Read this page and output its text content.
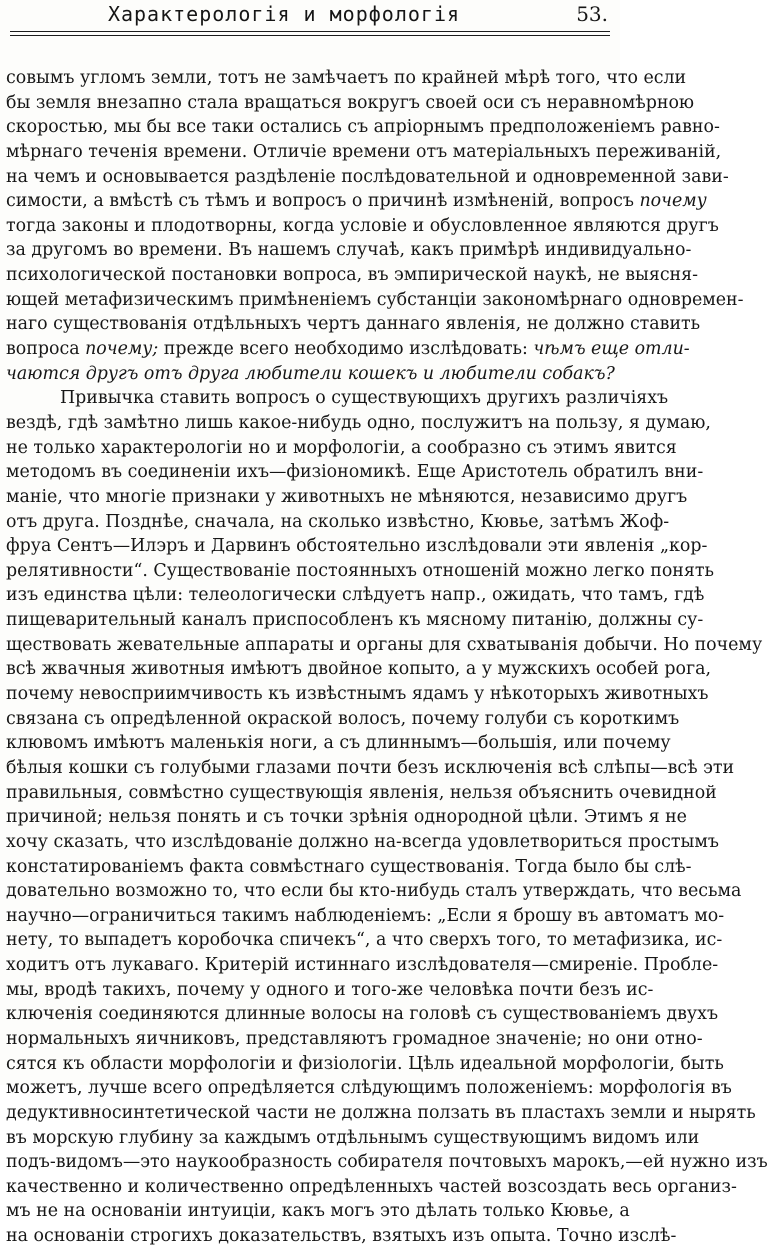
Характерологія и морфологія	53.
совымъ угломъ земли, тотъ не замѣчаетъ по крайней мѣрѣ того, что если
бы земля внезапно стала вращаться вокругъ своей оси съ неравномѣрною
скоростью, мы бы все таки остались съ апріорнымъ предположеніемъ равно-
мѣрнаго теченія времени. Отличіе времени отъ матеріальныхъ переживаній,
на чемъ и основывается раздѣленіе послѣдовательной и одновременной зави-
симости, а вмѣстѣ съ тѣмъ и вопросъ о причинѣ измѣненій, вопросъ почему
тогда законы и плодотворны, когда условіе и обусловленное являются другъ
за другомъ во времени. Въ нашемъ случаѣ, какъ примѣрѣ индивидуально-
психологической постановки вопроса, въ эмпирической наукѣ, не выясня-
ющей метафизическимъ примѣненіемъ субстанціи закономѣрнаго одновремен-
наго существованія отдѣльныхъ чертъ даннаго явленія, не должно ставить
вопроса почему; прежде всего необходимо изслѣдовать: чѣмъ еще отли-
чаются другъ отъ друга любители кошекъ и любители собакъ?
Привычка ставить вопросъ о существующихъ другихъ различіяхъ
вездѣ, гдѣ замѣтно лишь какое-нибудь одно, послужитъ на пользу, я думаю,
не только характерологіи но и морфологіи, а сообразно съ этимъ явится
методомъ въ соединеніи ихъ—физіономикѣ. Еще Аристотель обратилъ вни-
маніе, что многіе признаки у животныхъ не мѣняются, независимо другъ
отъ друга. Позднѣе, сначала, на сколько извѣстно, Кювье, затѣмъ Жоф-
фруа Сентъ—Илэръ и Дарвинъ обстоятельно изслѣдовали эти явленія „кор-
релятивности“. Существованіе постоянныхъ отношеній можно легко понять
изъ единства цѣли: телеологически слѣдуетъ напр., ожидать, что тамъ, гдѣ
пищеварительный каналъ приспособленъ къ мясному питанію, должны су-
ществовать жевательные аппараты и органы для схватыванія добычи. Но почему
всѣ жвачныя животныя имѣютъ двойное копыто, а у мужскихъ особей рога,
почему невосприимчивость къ извѣстнымъ ядамъ у нѣкоторыхъ животныхъ
связана съ опредѣленной окраской волосъ, почему голуби съ короткимъ
клювомъ имѣютъ маленькія ноги, а съ длиннымъ—большія, или почему
бѣлыя кошки съ голубыми глазами почти безъ исключенія всѣ слѣпы—всѣ эти
правильныя, совмѣстно существующія явленія, нельзя объяснить очевидной
причиной; нельзя понять и съ точки зрѣнія однородной цѣли. Этимъ я не
хочу сказать, что изслѣдованіе должно на-всегда удовлетвориться простымъ
констатированіемъ факта совмѣстнаго существованія. Тогда было бы слѣ-
довательно возможно то, что если бы кто-нибудь сталъ утверждать, что весьма
научно—ограничиться такимъ наблюденіемъ: „Если я брошу въ автоматъ мо-
нету, то выпадетъ коробочка спичекъ“, а что сверхъ того, то метафизика, ис-
ходитъ отъ лукаваго. Критерій истиннаго изслѣдователя—смиреніе. Пробле-
мы, вродѣ такихъ, почему у одного и того-же человѣка почти безъ ис-
ключенія соединяются длинные волосы на головѣ съ существованіемъ двухъ
нормальныхъ яичниковъ, представляютъ громадное значеніе; но они отно-
сятся къ области морфологіи и физіологіи. Цѣль идеальной морфологіи, быть
можетъ, лучше всего опредѣляется слѣдующимъ положеніемъ: морфологія въ
дедуктивносинтетической части не должна ползать въ пластахъ земли и нырять
въ морскую глубину за каждымъ отдѣльнымъ существующимъ видомъ или
подъ-видомъ—это наукообразность собирателя почтовыхъ марокъ,—ей нужно изъ
качественно и количественно опредѣленныхъ частей возсоздать весь организ-
мъ не на основаніи интуиціи, какъ могъ это дѣлать только Кювье, а
на основаніи строгихъ доказательствъ, взятыхъ изъ опыта. Точно изслѣ-
